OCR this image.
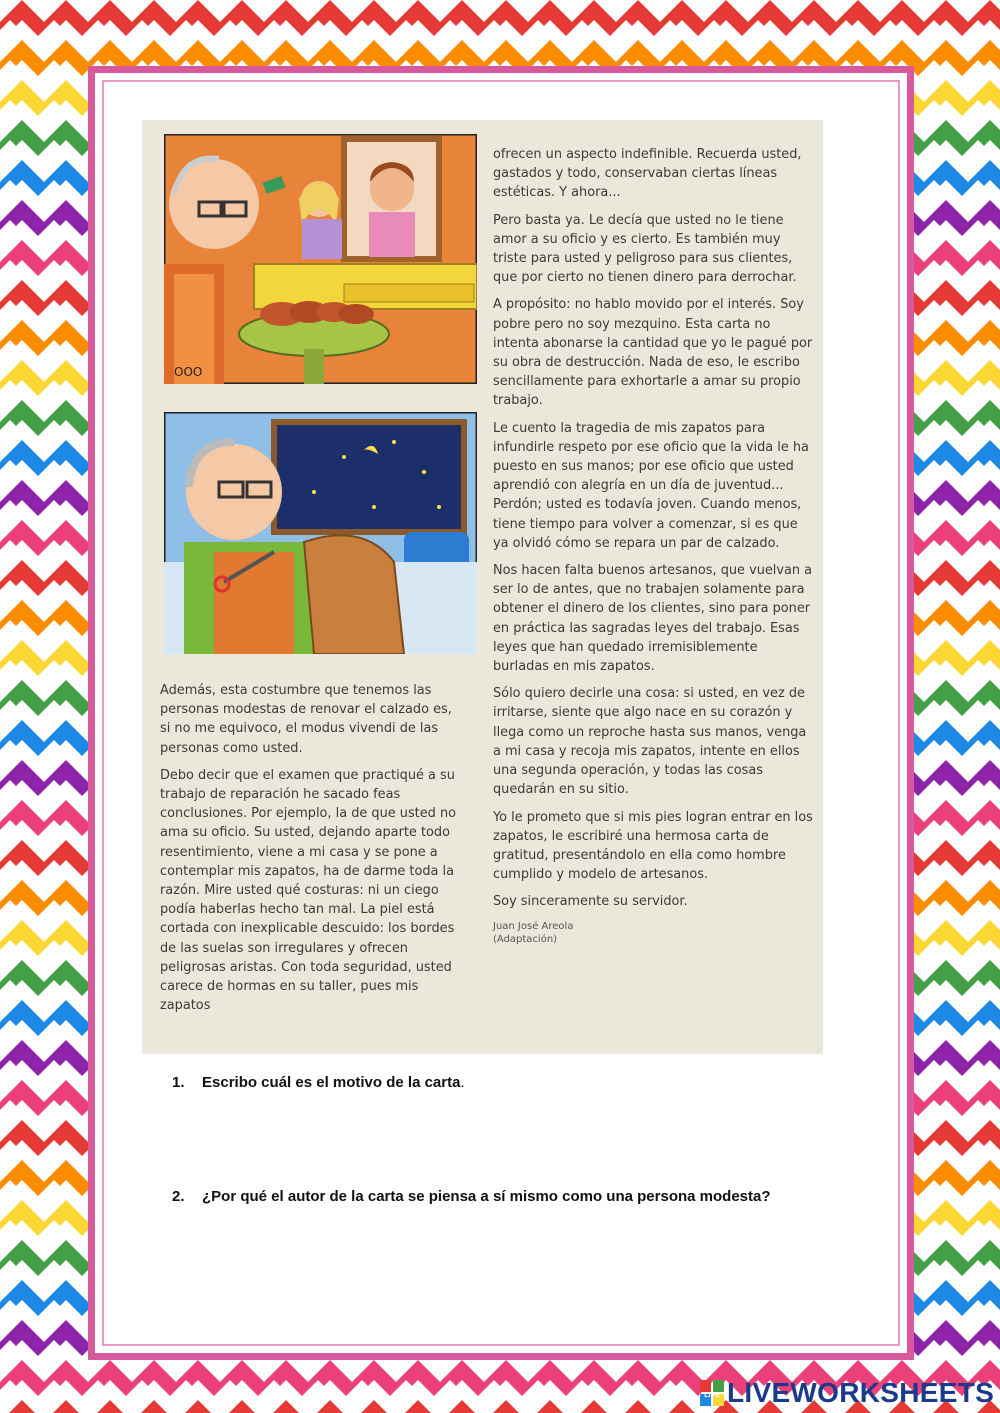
OOO

Además, esta costumbre que tenemos las personas modestas de renovar el calzado es, si no me equivoco, el modus vivendi de las personas como usted.

Debo decir que el examen que practiqué a su trabajo de reparación he sacado feas conclusiones. Por ejemplo, la de que usted no ama su oficio. Su usted, dejando aparte todo resentimiento, viene a mi casa y se pone a contemplar mis zapatos, ha de darme toda la razón. Mire usted qué costuras: ni un ciego podía haberlas hecho tan mal. La piel está cortada con inexplicable descuido: los bordes de las suelas son irregulares y ofrecen peligrosas aristas. Con toda seguridad, usted carece de hormas en su taller, pues mis zapatos

ofrecen un aspecto indefinible. Recuerda usted, gastados y todo, conservaban ciertas líneas estéticas. Y ahora...

Pero basta ya. Le decía que usted no le tiene amor a su oficio y es cierto. Es también muy triste para usted y peligroso para sus clientes, que por cierto no tienen dinero para derrochar.

A propósito: no hablo movido por el interés. Soy pobre pero no soy mezquino. Esta carta no intenta abonarse la cantidad que yo le pagué por su obra de destrucción. Nada de eso, le escribo sencillamente para exhortarle a amar su propio trabajo.

Le cuento la tragedia de mis zapatos para infundirle respeto por ese oficio que la vida le ha puesto en sus manos; por ese oficio que usted aprendió con alegría en un día de juventud... Perdón; usted es todavía joven. Cuando menos, tiene tiempo para volver a comenzar, si es que ya olvidó cómo se repara un par de calzado.

Nos hacen falta buenos artesanos, que vuelvan a ser lo de antes, que no trabajen solamente para obtener el dinero de los clientes, sino para poner en práctica las sagradas leyes del trabajo. Esas leyes que han quedado irremisiblemente burladas en mis zapatos.

Sólo quiero decirle una cosa: si usted, en vez de irritarse, siente que algo nace en su corazón y llega como un reproche hasta sus manos, venga a mi casa y recoja mis zapatos, intente en ellos una segunda operación, y todas las cosas quedarán en su sitio.

Yo le prometo que si mis pies logran entrar en los zapatos, le escribiré una hermosa carta de gratitud, presentándolo en ella como hombre cumplido y modelo de artesanos.

Soy sinceramente su servidor.

Juan José Areola
(Adaptación)
1. Escribo cuál es el motivo de la carta.
2. ¿Por qué el autor de la carta se piensa a sí mismo como una persona modesta?
LIVE LIVEWORKSHEETS
